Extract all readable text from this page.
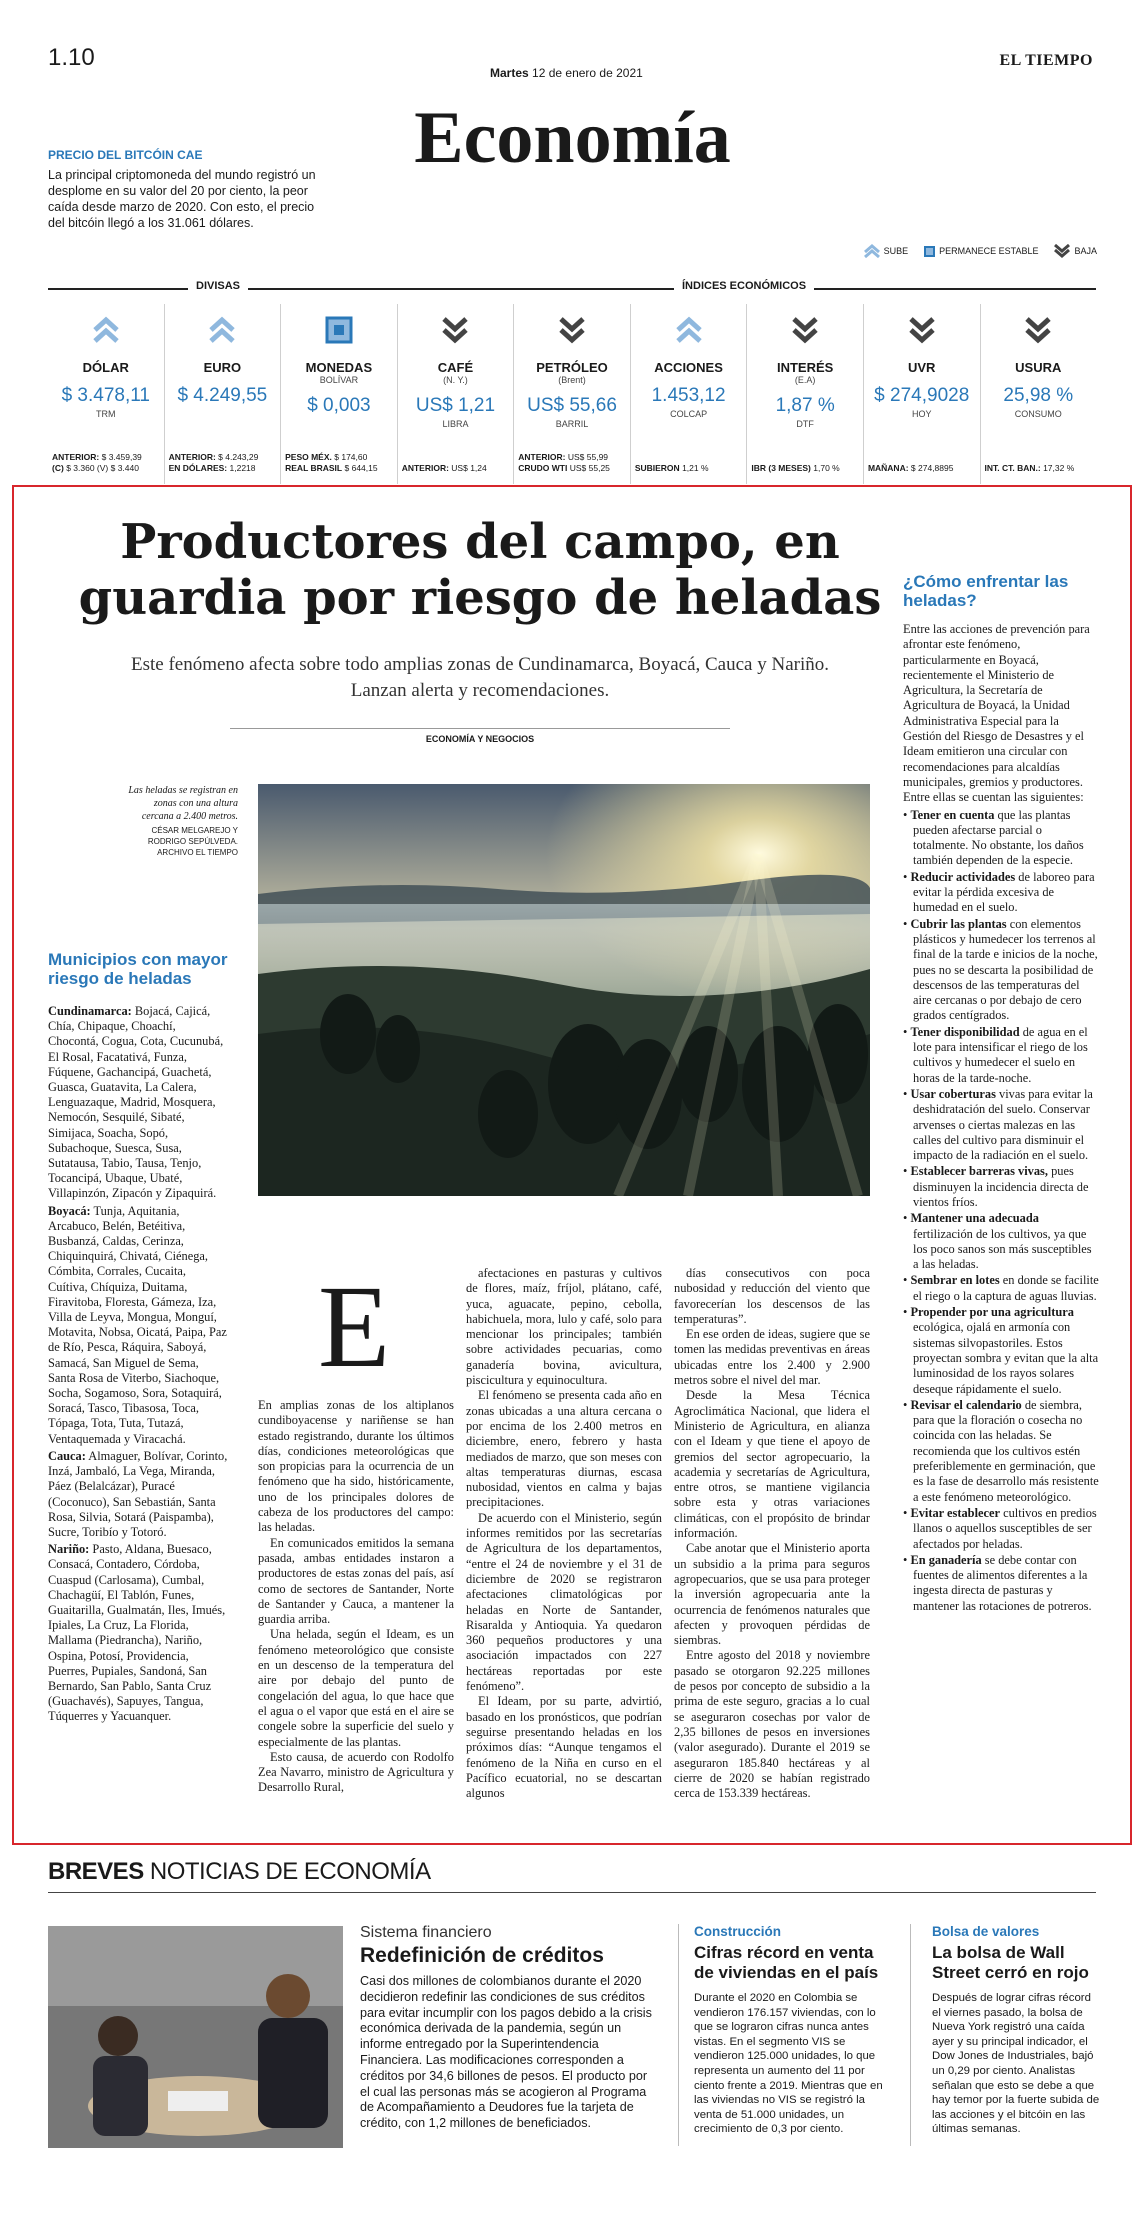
1.10
Martes 12 de enero de 2021
EL TIEMPO
Economía
PRECIO DEL BITCÓIN CAE
La principal criptomoneda del mundo registró un desplome en su valor del 20 por ciento, la peor caída desde marzo de 2020. Con esto, el precio del bitcóin llegó a los 31.061 dólares.
SUBE	PERMANECE ESTABLE	BAJA
DIVISAS	ÍNDICES ECONÓMICOS
DÓLAR
$ 3.478,11
TRM
ANTERIOR: $ 3.459,39
(C) $ 3.360 (V) $ 3.440
EURO
$ 4.249,55
ANTERIOR: $ 4.243,29
EN DÓLARES: 1,2218
MONEDAS
BOLÍVAR
$ 0,003
PESO MÉX. $ 174,60
REAL BRASIL $ 644,15
CAFÉ
(N. Y.)
US$ 1,21
LIBRA
ANTERIOR: US$ 1,24
PETRÓLEO
(Brent)
US$ 55,66
BARRIL
ANTERIOR: US$ 55,99
CRUDO WTI US$ 55,25
ACCIONES
1.453,12
COLCAP
SUBIERON 1,21 %
INTERÉS
(E.A)
1,87 %
DTF
IBR (3 MESES) 1,70 %
UVR
$ 274,9028
HOY
MAÑANA: $ 274,8895
USURA
25,98 %
CONSUMO
INT. CT. BAN.: 17,32 %
Productores del campo, en guardia por riesgo de heladas
Este fenómeno afecta sobre todo amplias zonas de Cundinamarca, Boyacá, Cauca y Nariño. Lanzan alerta y recomendaciones.
ECONOMÍA Y NEGOCIOS
Las heladas se registran en zonas con una altura cercana a 2.400 metros.
CÉSAR MELGAREJO Y RODRIGO SEPÚLVEDA. ARCHIVO EL TIEMPO
Municipios con mayor riesgo de heladas

Cundinamarca: Bojacá, Cajicá, Chía, Chipaque, Choachí, Chocontá, Cogua, Cota, Cucunubá, El Rosal, Facatativá, Funza, Fúquene, Gachancipá, Guachetá, Guasca, Guatavita, La Calera, Lenguazaque, Madrid, Mosquera, Nemocón, Sesquilé, Sibaté, Simijaca, Soacha, Sopó, Subachoque, Suesca, Susa, Sutatausa, Tabio, Tausa, Tenjo, Tocancipá, Ubaque, Ubaté, Villapinzón, Zipacón y Zipaquirá.

Boyacá: Tunja, Aquitania, Arcabuco, Belén, Betéitiva, Busbanzá, Caldas, Cerinza, Chiquinquirá, Chivatá, Ciénega, Cómbita, Corrales, Cucaita, Cuítiva, Chíquiza, Duitama, Firavitoba, Floresta, Gámeza, Iza, Villa de Leyva, Mongua, Monguí, Motavita, Nobsa, Oicatá, Paipa, Paz de Río, Pesca, Ráquira, Saboyá, Samacá, San Miguel de Sema, Santa Rosa de Viterbo, Siachoque, Socha, Sogamoso, Sora, Sotaquirá, Soracá, Tasco, Tibasosa, Toca, Tópaga, Tota, Tuta, Tutazá, Ventaquemada y Viracachá.

Cauca: Almaguer, Bolívar, Corinto, Inzá, Jambaló, La Vega, Miranda, Páez (Belalcázar), Puracé (Coconuco), San Sebastián, Santa Rosa, Silvia, Sotará (Paispamba), Sucre, Toribío y Totoró.

Nariño: Pasto, Aldana, Buesaco, Consacá, Contadero, Córdoba, Cuaspud (Carlosama), Cumbal, Chachagüí, El Tablón, Funes, Guaitarilla, Gualmatán, Iles, Imués, Ipiales, La Cruz, La Florida, Mallama (Piedrancha), Nariño, Ospina, Potosí, Providencia, Puerres, Pupiales, Sandoná, San Bernardo, San Pablo, Santa Cruz (Guachavés), Sapuyes, Tangua, Túquerres y Yacuanquer.

E

En amplias zonas de los altiplanos cundiboyacense y nariñense se han estado registrando, durante los últimos días, condiciones meteorológicas que son propicias para la ocurrencia de un fenómeno que ha sido, históricamente, uno de los principales dolores de cabeza de los productores del campo: las heladas.

En comunicados emitidos la semana pasada, ambas entidades instaron a productores de estas zonas del país, así como de sectores de Santander, Norte de Santander y Cauca, a mantener la guardia arriba.

Una helada, según el Ideam, es un fenómeno meteorológico que consiste en un descenso de la temperatura del aire por debajo del punto de congelación del agua, lo que hace que el agua o el vapor que está en el aire se congele sobre la superficie del suelo y especialmente de las plantas.

Esto causa, de acuerdo con Rodolfo Zea Navarro, ministro de Agricultura y Desarrollo Rural,

afectaciones en pasturas y cultivos de flores, maíz, fríjol, plátano, café, yuca, aguacate, pepino, cebolla, habichuela, mora, lulo y café, solo para mencionar los principales; también sobre actividades pecuarias, como ganadería bovina, avicultura, piscicultura y equinocultura.

El fenómeno se presenta cada año en zonas ubicadas a una altura cercana o por encima de los 2.400 metros en diciembre, enero, febrero y hasta mediados de marzo, que son meses con altas temperaturas diurnas, escasa nubosidad, vientos en calma y bajas precipitaciones.

De acuerdo con el Ministerio, según informes remitidos por las secretarías de Agricultura de los departamentos, “entre el 24 de noviembre y el 31 de diciembre de 2020 se registraron afectaciones climatológicas por heladas en Norte de Santander, Risaralda y Antioquia. Ya quedaron 360 pequeños productores y una asociación impactados con 227 hectáreas reportadas por este fenómeno”.

El Ideam, por su parte, advirtió, basado en los pronósticos, que podrían seguirse presentando heladas en los próximos días: “Aunque tengamos el fenómeno de la Niña en curso en el Pacífico ecuatorial, no se descartan algunos

días consecutivos con poca nubosidad y reducción del viento que favorecerían los descensos de las temperaturas”.

En ese orden de ideas, sugiere que se tomen las medidas preventivas en áreas ubicadas entre los 2.400 y 2.900 metros sobre el nivel del mar.

Desde la Mesa Técnica Agroclimática Nacional, que lidera el Ministerio de Agricultura, en alianza con el Ideam y que tiene el apoyo de gremios del sector agropecuario, la academia y secretarías de Agricultura, entre otros, se mantiene vigilancia sobre esta y otras variaciones climáticas, con el propósito de brindar información.

Cabe anotar que el Ministerio aporta un subsidio a la prima para seguros agropecuarios, que se usa para proteger la inversión agropecuaria ante la ocurrencia de fenómenos naturales que afecten y provoquen pérdidas de siembras.

Entre agosto del 2018 y noviembre pasado se otorgaron 92.225 millones de pesos por concepto de subsidio a la prima de este seguro, gracias a lo cual se aseguraron cosechas por valor de 2,35 billones de pesos en inversiones (valor asegurado). Durante el 2019 se aseguraron 185.840 hectáreas y al cierre de 2020 se habían registrado cerca de 153.339 hectáreas.

¿Cómo enfrentar las heladas?
Entre las acciones de prevención para afrontar este fenómeno, particularmente en Boyacá, recientemente el Ministerio de Agricultura, la Secretaría de Agricultura de Boyacá, la Unidad Administrativa Especial para la Gestión del Riesgo de Desastres y el Ideam emitieron una circular con recomendaciones para alcaldías municipales, gremios y productores.
Entre ellas se cuentan las siguientes:
• Tener en cuenta que las plantas pueden afectarse parcial o totalmente. No obstante, los daños también dependen de la especie.
• Reducir actividades de laboreo para evitar la pérdida excesiva de humedad en el suelo.
• Cubrir las plantas con elementos plásticos y humedecer los terrenos al final de la tarde e inicios de la noche, pues no se descarta la posibilidad de descensos de las temperaturas del aire cercanas o por debajo de cero grados centígrados.
• Tener disponibilidad de agua en el lote para intensificar el riego de los cultivos y humedecer el suelo en horas de la tarde-noche.
• Usar coberturas vivas para evitar la deshidratación del suelo. Conservar arvenses o ciertas malezas en las calles del cultivo para disminuir el impacto de la radiación en el suelo.
• Establecer barreras vivas, pues disminuyen la incidencia directa de vientos fríos.
• Mantener una adecuada fertilización de los cultivos, ya que los poco sanos son más susceptibles a las heladas.
• Sembrar en lotes en donde se facilite el riego o la captura de aguas lluvias.
• Propender por una agricultura ecológica, ojalá en armonía con sistemas silvopastoriles. Estos proyectan sombra y evitan que la alta luminosidad de los rayos solares deseque rápidamente el suelo.
• Revisar el calendario de siembra, para que la floración o cosecha no coincida con las heladas. Se recomienda que los cultivos estén preferiblemente en germinación, que es la fase de desarrollo más resistente a este fenómeno meteorológico.
• Evitar establecer cultivos en predios llanos o aquellos susceptibles de ser afectados por heladas.
• En ganadería se debe contar con fuentes de alimentos diferentes a la ingesta directa de pasturas y mantener las rotaciones de potreros.
BREVES NOTICIAS DE ECONOMÍA
Sistema financiero
Redefinición de créditos
Casi dos millones de colombianos durante el 2020 decidieron redefinir las condiciones de sus créditos para evitar incumplir con los pagos debido a la crisis económica derivada de la pandemia, según un informe entregado por la Superintendencia Financiera. Las modificaciones corresponden a créditos por 34,6 billones de pesos. El producto por el cual las personas más se acogieron al Programa de Acompañamiento a Deudores fue la tarjeta de crédito, con 1,2 millones de beneficiados.
Construcción
Cifras récord en venta de viviendas en el país
Durante el 2020 en Colombia se vendieron 176.157 viviendas, con lo que se lograron cifras nunca antes vistas. En el segmento VIS se vendieron 125.000 unidades, lo que representa un aumento del 11 por ciento frente a 2019. Mientras que en las viviendas no VIS se registró la venta de 51.000 unidades, un crecimiento de 0,3 por ciento.
Bolsa de valores
La bolsa de Wall Street cerró en rojo
Después de lograr cifras récord el viernes pasado, la bolsa de Nueva York registró una caída ayer y su principal indicador, el Dow Jones de Industriales, bajó un 0,29 por ciento. Analistas señalan que esto se debe a que hay temor por la fuerte subida de las acciones y el bitcóin en las últimas semanas.
